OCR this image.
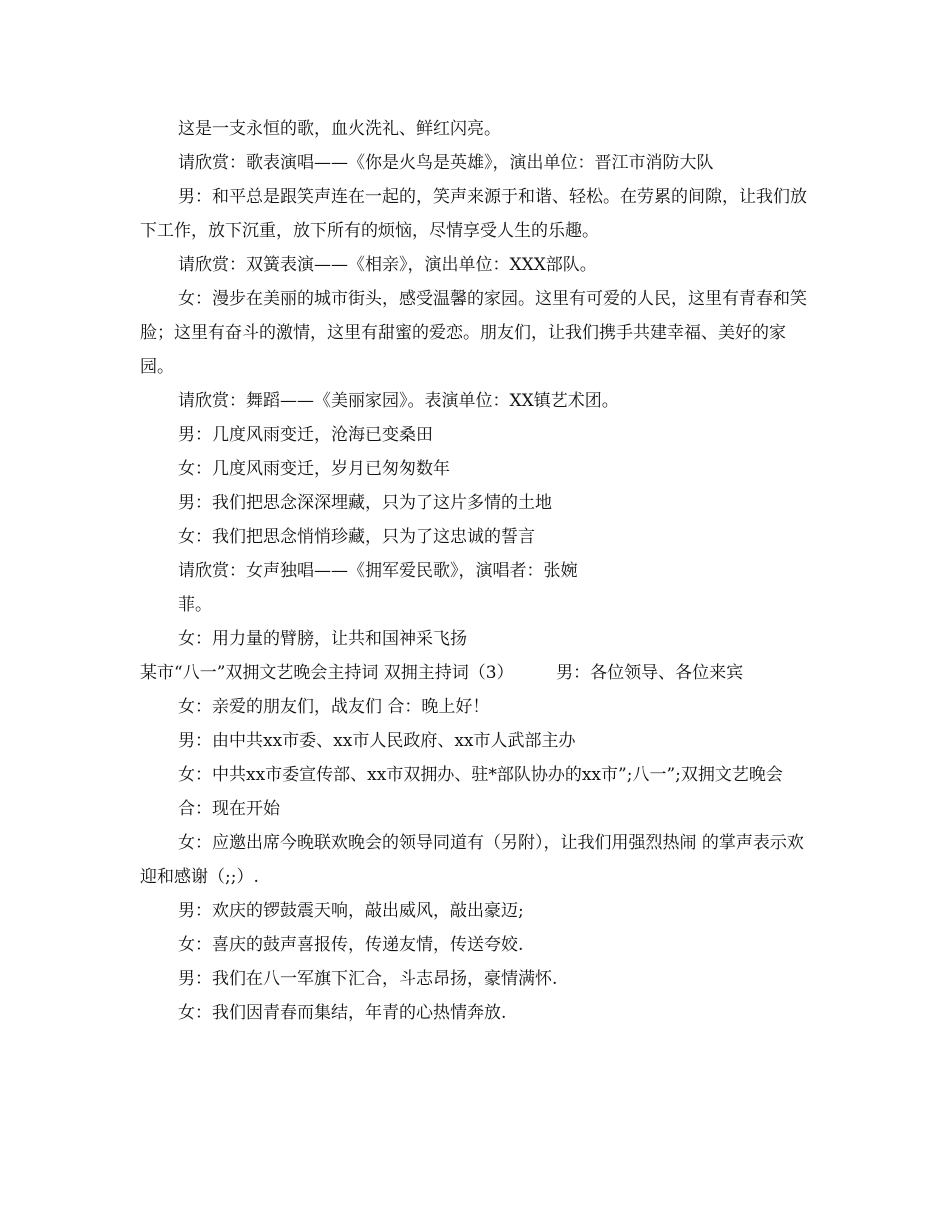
这是一支永恒的歌，血火洗礼、鲜红闪亮。

请欣赏：歌表演唱——《你是火鸟是英雄》，演出单位：晋江市消防大队

男：和平总是跟笑声连在一起的，笑声来源于和谐、轻松。在劳累的间隙，让我们放下工作，放下沉重，放下所有的烦恼，尽情享受人生的乐趣。

请欣赏：双簧表演——《相亲》，演出单位：XXX部队。

女：漫步在美丽的城市街头，感受温馨的家园。这里有可爱的人民，这里有青春和笑脸；这里有奋斗的激情，这里有甜蜜的爱恋。朋友们，让我们携手共建幸福、美好的家园。

请欣赏：舞蹈——《美丽家园》。表演单位：XX镇艺术团。

男：几度风雨变迁，沧海已变桑田

女：几度风雨变迁，岁月已匆匆数年

男：我们把思念深深埋藏，只为了这片多情的土地

女：我们把思念悄悄珍藏，只为了这忠诚的誓言

请欣赏：女声独唱——《拥军爱民歌》，演唱者：张婉

菲。

女：用力量的臂膀，让共和国神采飞扬

某市“八一”双拥文艺晚会主持词 双拥主持词（3）　　　男：各位领导、各位来宾

女：亲爱的朋友们，战友们 合：晚上好！

男：由中共xx市委、xx市人民政府、xx市人武部主办

女：中共xx市委宣传部、xx市双拥办、驻*部队协办的xx市”;八一”;双拥文艺晚会

合：现在开始

女：应邀出席今晚联欢晚会的领导同道有（另附），让我们用强烈热闹 的掌声表示欢迎和感谢（;;）.

男：欢庆的锣鼓震天响，敲出威风，敲出豪迈;

女：喜庆的鼓声喜报传，传递友情，传送夸姣.

男：我们在八一军旗下汇合，斗志昂扬，豪情满怀.

女：我们因青春而集结，年青的心热情奔放.
